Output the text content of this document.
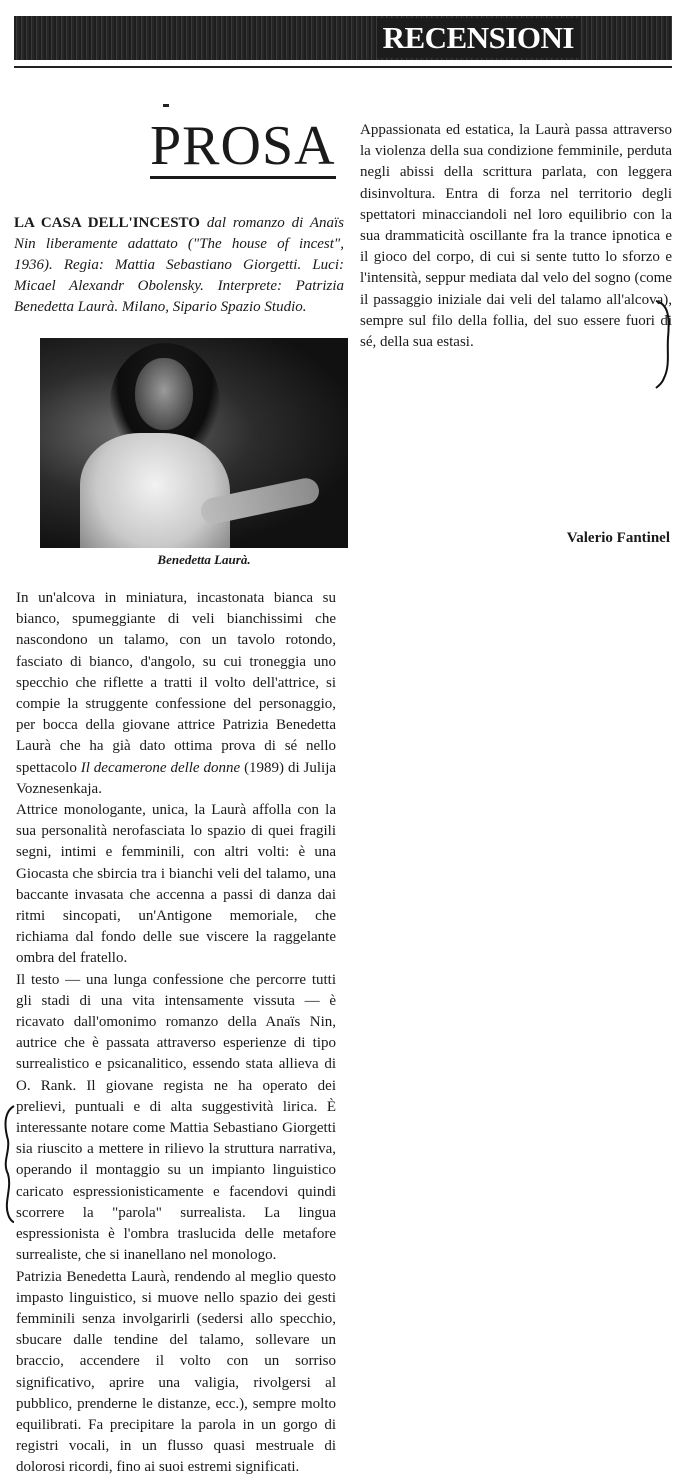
RECENSIONI
PROSA

LA CASA DELL'INCESTO dal romanzo di Anaïs Nin liberamente adattato ("The house of incest", 1936). Regia: Mattia Sebastiano Giorgetti. Luci: Micael Alexandr Obolensky. Interprete: Patrizia Benedetta Laurà. Milano, Sipario Spazio Studio.

Benedetta Laurà.

In un'alcova in miniatura, incastonata bianca su bianco, spumeggiante di veli bianchissimi che nascondono un talamo, con un tavolo rotondo, fasciato di bianco, d'angolo, su cui troneggia uno specchio che riflette a tratti il volto dell'attrice, si compie la struggente confessione del personaggio, per bocca della giovane attrice Patrizia Benedetta Laurà che ha già dato ottima prova di sé nello spettacolo Il decamerone delle donne (1989) di Julija Voznesenkaja.

Attrice monologante, unica, la Laurà affolla con la sua personalità nerofasciata lo spazio di quei fragili segni, intimi e femminili, con altri volti: è una Giocasta che sbircia tra i bianchi veli del talamo, una baccante invasata che accenna a passi di danza dai ritmi sincopati, un'Antigone memoriale, che richiama dal fondo delle sue viscere la raggelante ombra del fratello.

Il testo — una lunga confessione che percorre tutti gli stadi di una vita intensamente vissuta — è ricavato dall'omonimo romanzo della Anaïs Nin, autrice che è passata attraverso esperienze di tipo surrealistico e psicanalitico, essendo stata allieva di O. Rank. Il giovane regista ne ha operato dei prelievi, puntuali e di alta suggestività lirica. È interessante notare come Mattia Sebastiano Giorgetti sia riuscito a mettere in rilievo la struttura narrativa, operando il montaggio su un impianto linguistico caricato espressionisticamente e facendovi quindi scorrere la "parola" surrealista. La lingua espressionista è l'ombra traslucida delle metafore surrealiste, che si inanellano nel monologo.

Patrizia Benedetta Laurà, rendendo al meglio questo impasto linguistico, si muove nello spazio dei gesti femminili senza involgarirli (sedersi allo specchio, sbucare dalle tendine del talamo, sollevare un braccio, accendere il volto con un sorriso significativo, aprire una valigia, rivolgersi al pubblico, prenderne le distanze, ecc.), sempre molto equilibrati. Fa precipitare la parola in un gorgo di registri vocali, in un flusso quasi mestruale di dolorosi ricordi, fino ai suoi estremi significati.

Appassionata ed estatica, la Laurà passa attraverso la violenza della sua condizione femminile, perduta negli abissi della scrittura parlata, con leggera disinvoltura. Entra di forza nel territorio degli spettatori minacciandoli nel loro equilibrio con la sua drammaticità oscillante fra la trance ipnotica e il gioco del corpo, di cui si sente tutto lo sforzo e l'intensità, seppur mediata dal velo del sogno (come il passaggio iniziale dai veli del talamo all'alcova), sempre sul filo della follia, del suo essere fuori di sé, della sua estasi.

Valerio Fantinel
